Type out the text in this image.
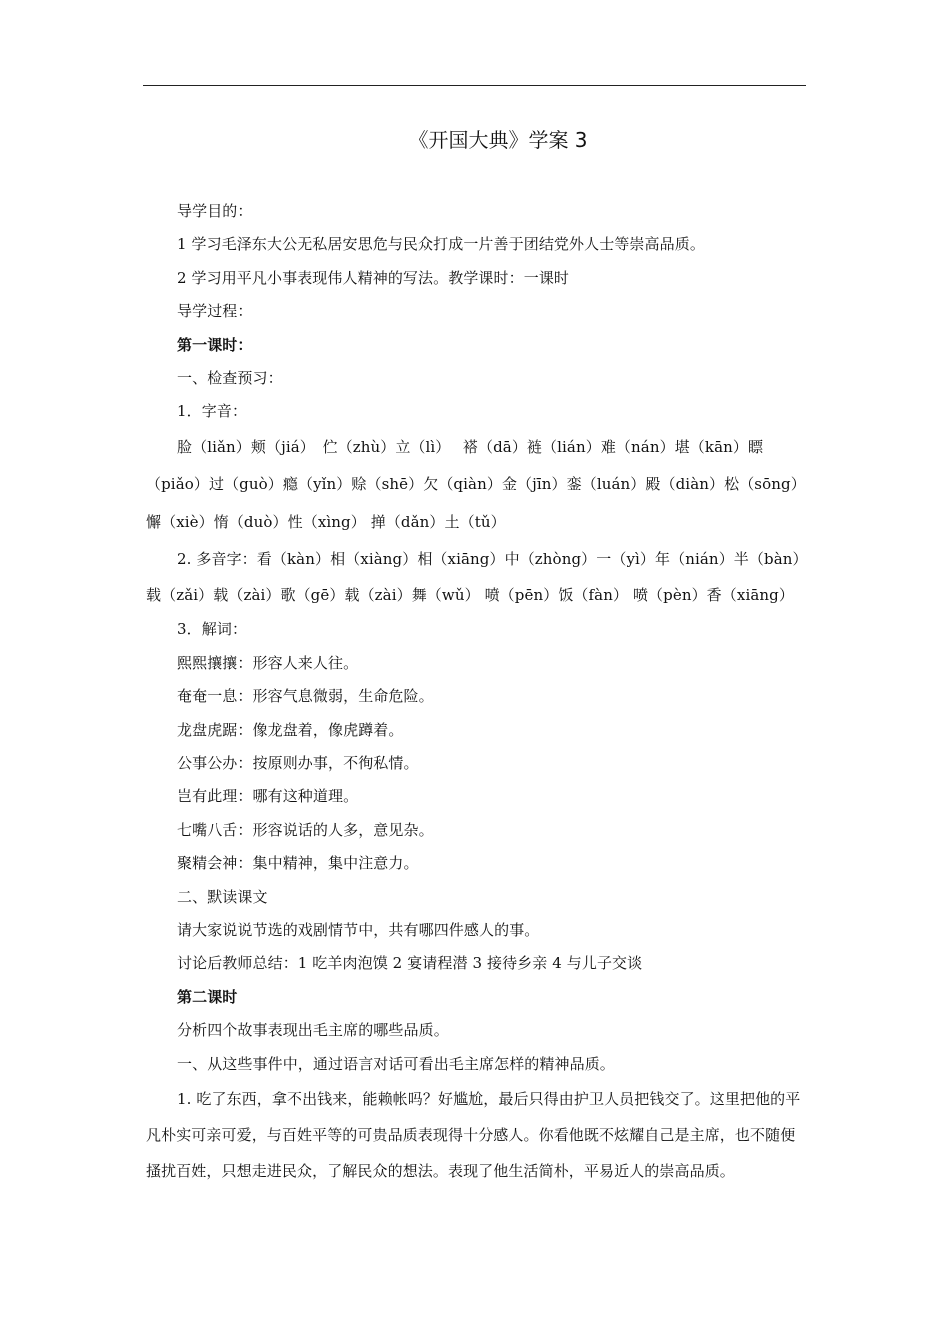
《开国大典》学案 3

导学目的：

1 学习毛泽东大公无私居安思危与民众打成一片善于团结党外人士等崇高品质。

2 学习用平凡小事表现伟人精神的写法。教学课时：一课时

导学过程：

第一课时：

一、检查预习：

1．字音：

脸（liǎn）颊（jiá）　伫（zhù）立（lì）　 褡（dā）裢（lián）难（nán）堪（kān）瞟（piǎo）过（guò）瘾（yǐn）赊（shē）欠（qiàn）金（jīn）銮（luán）殿（diàn）松（sōng）懈（xiè）惰（duò）性（xìng） 掸（dǎn）土（tǔ）

2. 多音字：看（kàn）相（xiàng）相（xiāng）中（zhòng）一（yì）年（nián）半（bàn）载（zǎi）载（zài）歌（gē）载（zài）舞（wǔ） 喷（pēn）饭（fàn） 喷（pèn）香（xiāng）

3．解词：

熙熙攘攘：形容人来人往。

奄奄一息：形容气息微弱，生命危险。

龙盘虎踞：像龙盘着，像虎蹲着。

公事公办：按原则办事，不徇私情。

岂有此理：哪有这种道理。

七嘴八舌：形容说话的人多，意见杂。

聚精会神：集中精神，集中注意力。

二、默读课文

请大家说说节选的戏剧情节中，共有哪四件感人的事。

讨论后教师总结：1 吃羊肉泡馍 2 宴请程潜 3 接待乡亲 4 与儿子交谈

第二课时

分析四个故事表现出毛主席的哪些品质。

一、从这些事件中，通过语言对话可看出毛主席怎样的精神品质。

1. 吃了东西，拿不出钱来，能赖帐吗？好尴尬，最后只得由护卫人员把钱交了。这里把他的平凡朴实可亲可爱，与百姓平等的可贵品质表现得十分感人。你看他既不炫耀自己是主席，也不随便搔扰百姓，只想走进民众，了解民众的想法。表现了他生活简朴，平易近人的崇高品质。
